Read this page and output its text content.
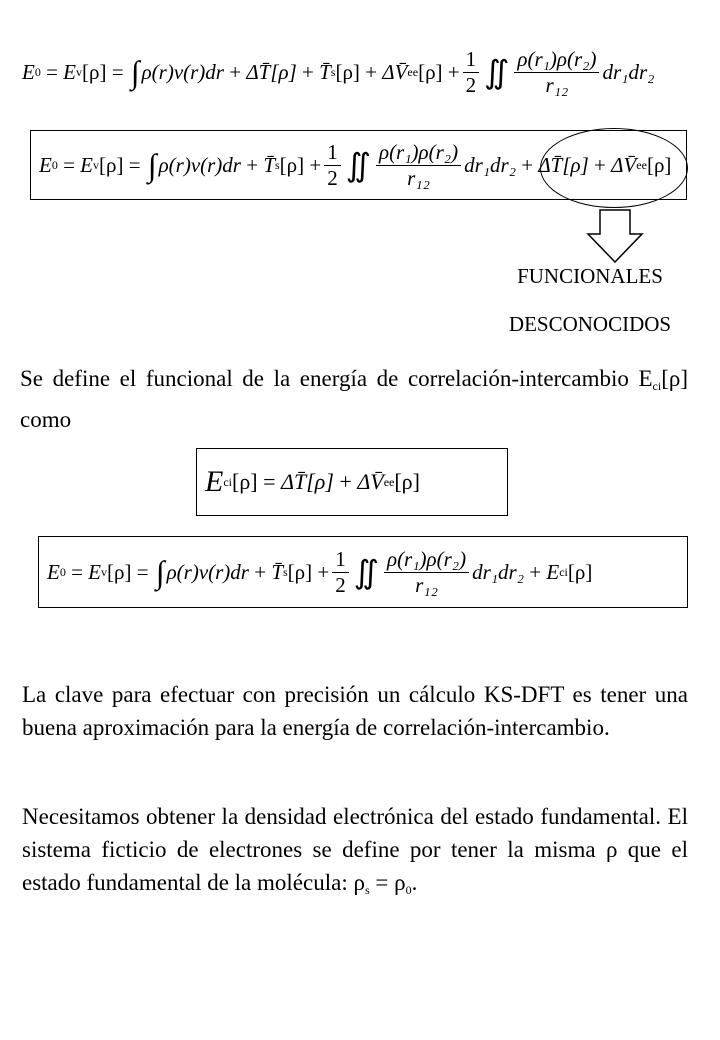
E 0 = E v [ρ] = ∫ ρ(r)v(r)dr + ΔT̄[ρ] + T̄ s [ρ] + ΔV̄ ee $[\rho] + \frac{1}{2}$ ∬ $\frac{\text{ρ(r₁)ρ(r₂)}}{\text{r₁₂}} dr_1dr_2$
E 0 = E v [ρ] = ∫ ρ(r)v(r)dr + T̄ s $[\rho] + \frac{1}{2}$ ∬ $\frac{\text{ρ(r₁)ρ(r₂)}}{\text{r₁₂}} dr_1dr_2$ + ΔT̄[ρ] + ΔV̄ ee [ρ]
FUNCIONALES
DESCONOCIDOS
Se define el funcional de la energía de correlación-intercambio $E_{ci}[\rho]$ como
E ci [ρ] = ΔT̄[ρ] + ΔV̄ ee [ρ]
E 0 = E v [ρ] = ∫ ρ(r)v(r)dr + T̄ s $[\rho] + \frac{1}{2}$ ∬ $\frac{\text{ρ(r₁)ρ(r₂)}}{\text{r₁₂}} dr_1dr_2 + E$ ci [ρ]
La clave para efectuar con precisión un cálculo KS-DFT es tener una buena aproximación para la energía de correlación-intercambio.
Necesitamos obtener la densidad electrónica del estado fundamental. El sistema ficticio de electrones se define por tener la misma ρ que el estado fundamental de la molécula: $\rho_s = \rho_0$.
